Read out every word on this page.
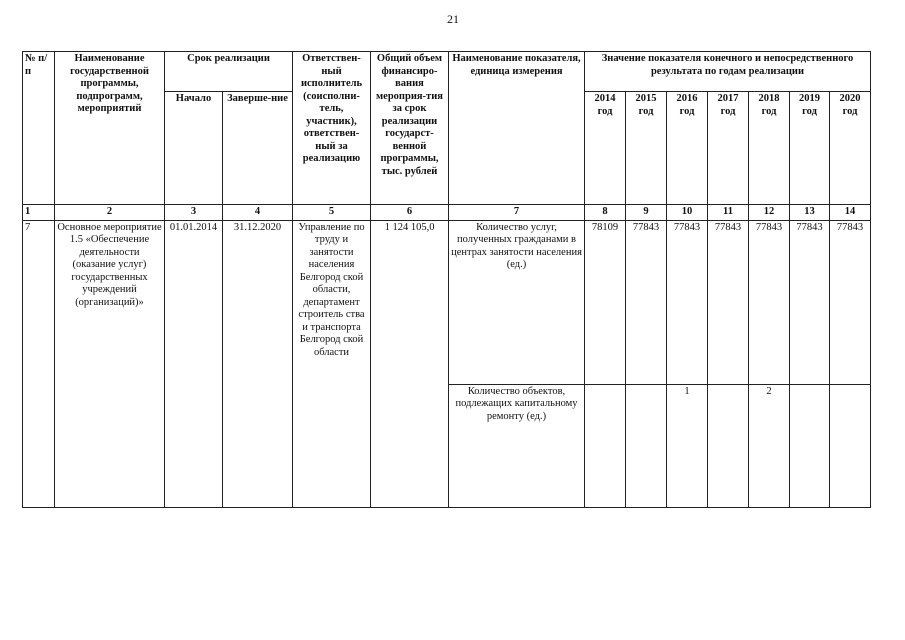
21
№ п/п	Наименование государственной программы, подпрограмм, мероприятий	Срок реализации		Ответствен-ный исполнитель (соисполни-тель, участник), ответствен-ный за реализацию	Общий объем финансиро-вания мероприя-тия за срок реализации государст-венной программы, тыс. рублей	Наименование показателя, единица измерения	Значение показателя конечного и непосредственного результата по годам реализации						
		Начало	Заверше-ние				2014 год	2015 год	2016 год	2017 год	2018 год	2019 год	2020 год
1	2	3	4	5	6	7	8	9	10	11	12	13	14
7	Основное мероприятие 1.5 «Обеспечение деятельности (оказание услуг) государственных учреждений (организаций)»	01.01.2014	31.12.2020	Управление по труду и занятости населения Белгород ской области, департамент строитель ства и транспорта Белгород ской области	1 124 105,0	Количество услуг, полученных гражданами в центрах занятости населения (ед.)	78109	77843	77843	77843	77843	77843	77843
						Количество объектов, подлежащих капитальному ремонту (ед.)			1		2		
